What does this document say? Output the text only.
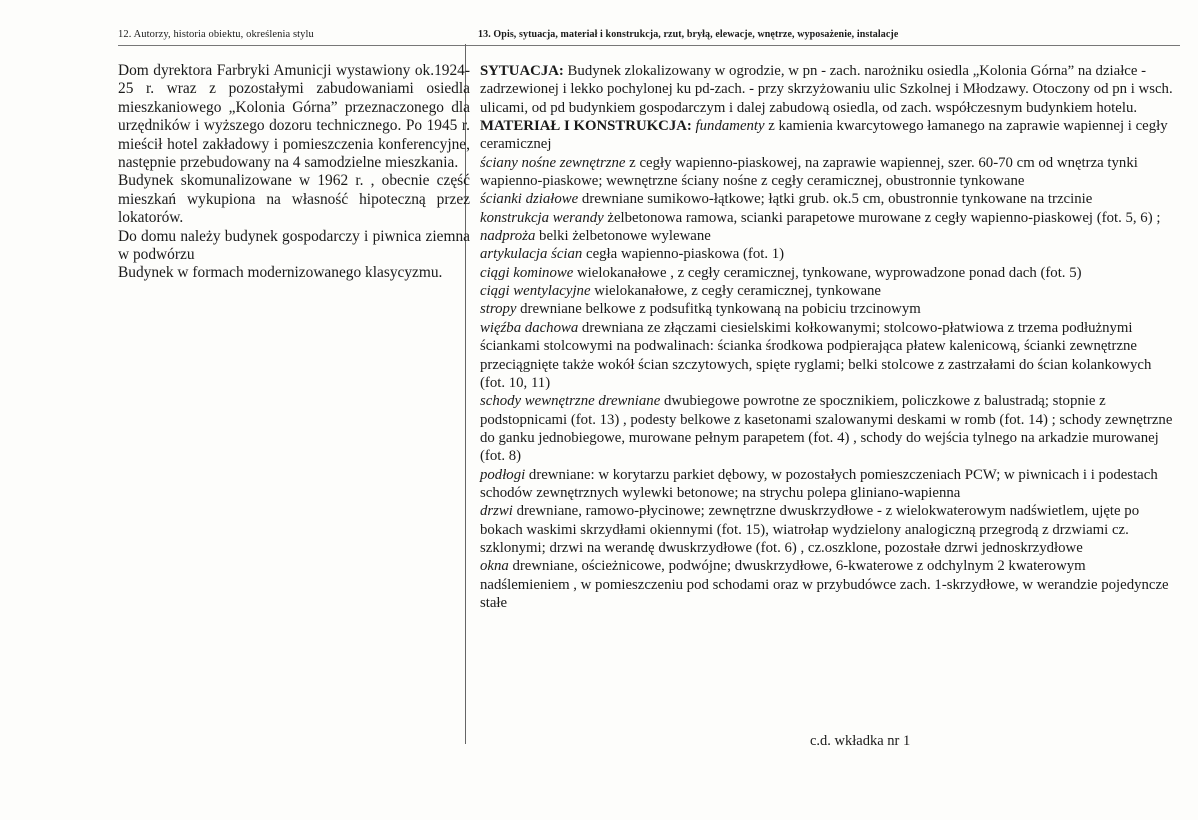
12. Autorzy, historia obiektu, określenia stylu

Dom dyrektora Farbryki Amunicji wystawiony ok.1924-25 r. wraz z pozostałymi zabudowaniami osiedla mieszkaniowego „Kolonia Górna” przeznaczonego dla urzędników i wyższego dozoru technicznego. Po 1945 r. mieścił hotel zakładowy i pomieszczenia konferencyjne, następnie przebudowany na 4 samodzielne mieszkania.

Budynek skomunalizowane w 1962 r. , obecnie część mieszkań wykupiona na własność hipoteczną przez lokatorów.

Do domu należy budynek gospodarczy i piwnica ziemna w podwórzu

Budynek w formach modernizowanego klasycyzmu.

13. Opis, sytuacja, materiał i konstrukcja, rzut, bryłą, elewacje, wnętrze, wyposażenie, instalacje

SYTUACJA: Budynek zlokalizowany w ogrodzie, w pn - zach. narożniku osiedla „Kolonia Górna” na działce - zadrzewionej i lekko pochylonej ku pd-zach. - przy skrzyżowaniu ulic Szkolnej i Młodzawy. Otoczony od pn i wsch. ulicami, od pd budynkiem gospodarczym i dalej zabudową osiedla, od zach. współczesnym budynkiem hotelu.

MATERIAŁ I KONSTRUKCJA: fundamenty z kamienia kwarcytowego łamanego na zaprawie wapiennej i cegły ceramicznej

ściany nośne zewnętrzne z cegły wapienno-piaskowej, na zaprawie wapiennej, szer. 60-70 cm od wnętrza tynki wapienno-piaskowe; wewnętrzne ściany nośne z cegły ceramicznej, obustronnie tynkowane

ścianki działowe drewniane sumikowo-łątkowe; łątki grub. ok.5 cm, obustronnie tynkowane na trzcinie

konstrukcja werandy żelbetonowa ramowa, scianki parapetowe murowane z cegły wapienno-piaskowej (fot. 5, 6) ;

nadproża belki żelbetonowe wylewane

artykulacja ścian cegła wapienno-piaskowa (fot. 1)

ciągi kominowe wielokanałowe , z cegły ceramicznej, tynkowane, wyprowadzone ponad dach (fot. 5)

ciągi wentylacyjne wielokanałowe, z cegły ceramicznej, tynkowane

stropy drewniane belkowe z podsufitką tynkowaną na pobiciu trzcinowym

więźba dachowa drewniana ze złączami ciesielskimi kołkowanymi; stolcowo-płatwiowa z trzema podłużnymi ściankami stolcowymi na podwalinach: ścianka środkowa podpierająca płatew kalenicową, ścianki zewnętrzne przeciągnięte także wokół ścian szczytowych, spięte ryglami; belki stolcowe z zastrzałami do ścian kolankowych (fot. 10, 11)

schody wewnętrzne drewniane dwubiegowe powrotne ze spocznikiem, policzkowe z balustradą; stopnie z podstopnicami (fot. 13) , podesty belkowe z kasetonami szalowanymi deskami w romb (fot. 14) ; schody zewnętrzne do ganku jednobiegowe, murowane pełnym parapetem (fot. 4) , schody do wejścia tylnego na arkadzie murowanej (fot. 8)

podłogi drewniane: w korytarzu parkiet dębowy, w pozostałych pomieszczeniach PCW; w piwnicach i i podestach schodów zewnętrznych wylewki betonowe; na strychu polepa gliniano-wapienna

drzwi drewniane, ramowo-płycinowe; zewnętrzne dwuskrzydłowe - z wielokwaterowym nadświetlem, ujęte po bokach waskimi skrzydłami okiennymi (fot. 15), wiatrołap wydzielony analogiczną przegrodą z drzwiami cz. szklonymi; drzwi na werandę dwuskrzydłowe (fot. 6) , cz.oszklone, pozostałe dzrwi jednoskrzydłowe

okna drewniane, ościeżnicowe, podwójne; dwuskrzydłowe, 6-kwaterowe z odchylnym 2 kwaterowym nadślemieniem , w pomieszczeniu pod schodami oraz w przybudówce zach. 1-skrzydłowe, w werandzie pojedyncze stałe

c.d. wkładka nr 1
